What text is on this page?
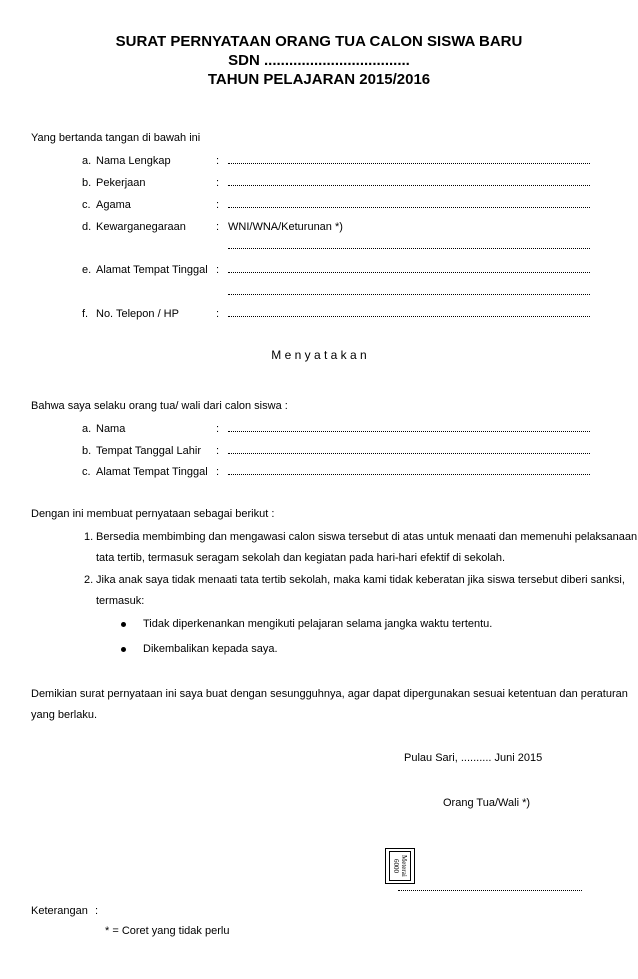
SURAT PERNYATAAN ORANG TUA CALON SISWA BARU
SDN ...................................
TAHUN PELAJARAN 2015/2016
Yang bertanda tangan di bawah ini
a. Nama Lengkap	:
b. Pekerjaan	:
c. Agama	:
d. Kewarganegaraan	: WNI/WNA/Keturunan *)
e. Alamat Tempat Tinggal :
f. No. Telepon / HP	:
M e n y a t a k a n
Bahwa saya selaku orang tua/ wali dari calon siswa :
a. Nama	:
b. Tempat Tanggal Lahir :
c. Alamat Tempat Tinggal :
Dengan ini membuat pernyataan sebagai berikut :
1. Bersedia membimbing dan mengawasi calon siswa tersebut di atas untuk menaati dan memenuhi pelaksanaan
tata tertib, termasuk seragam sekolah dan kegiatan pada hari-hari efektif di sekolah.
2. Jika anak saya tidak menaati tata tertib sekolah, maka kami tidak keberatan jika siswa tersebut diberi sanksi,
termasuk:
Tidak diperkenankan mengikuti pelajaran selama jangka waktu tertentu.
Dikembalikan kepada saya.
Demikian surat pernyataan ini saya buat dengan sesungguhnya, agar dapat dipergunakan sesuai ketentuan dan peraturan
yang berlaku.
Pulau Sari, .......... Juni 2015
Orang Tua/Wali *)
Meterai
6000
Keterangan :
* = Coret yang tidak perlu
